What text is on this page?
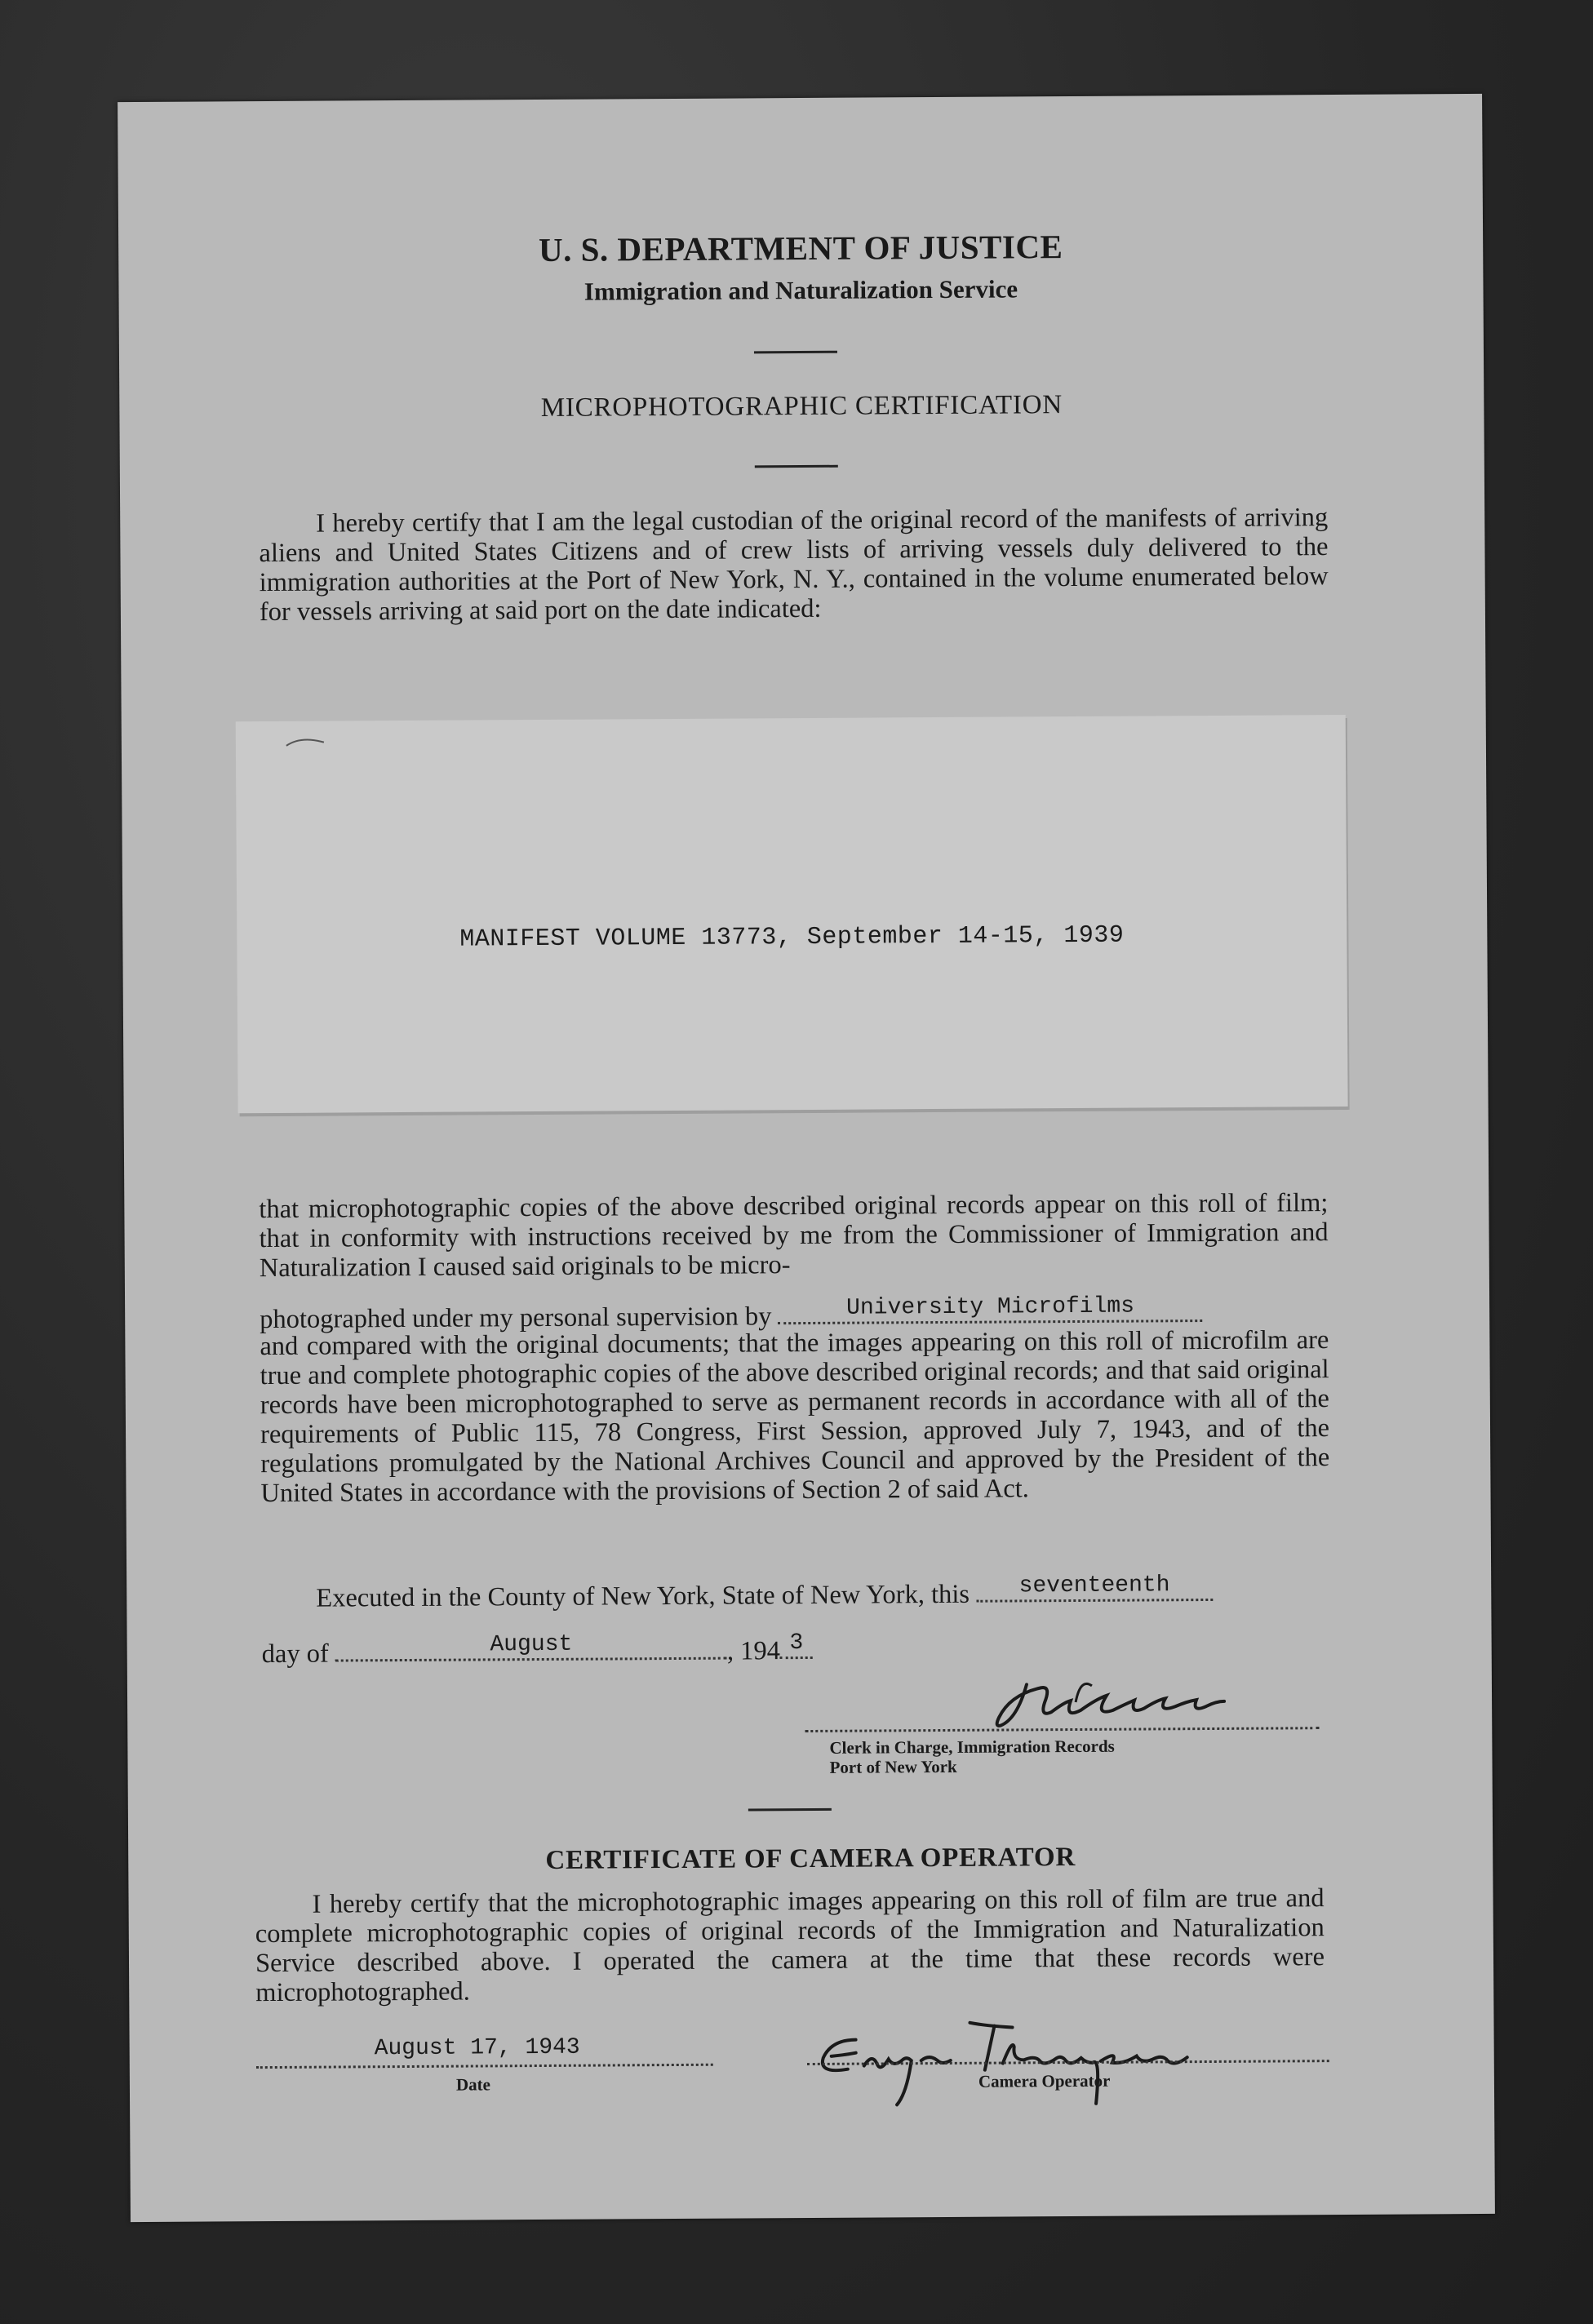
U. S. DEPARTMENT OF JUSTICE
Immigration and Naturalization Service
MICROPHOTOGRAPHIC CERTIFICATION
I hereby certify that I am the legal custodian of the original record of the manifests of arriving aliens and United States Citizens and of crew lists of arriving vessels duly delivered to the immigration authorities at the Port of New York, N. Y., contained in the volume enumerated below for vessels arriving at said port on the date indicated:
MANIFEST VOLUME 13773, September 14-15, 1939
that microphotographic copies of the above described original records appear on this roll of film; that in conformity with instructions received by me from the Commissioner of Immigration and Naturalization I caused said originals to be micro-
photographed under my personal supervision by	University Microfilms
and compared with the original documents; that the images appearing on this roll of microfilm are true and complete photographic copies of the above described original records; and that said original records have been microphotographed to serve as permanent records in accordance with all of the requirements of Public 115, 78 Congress, First Session, approved July 7, 1943, and of the regulations promulgated by the National Archives Council and approved by the President of the United States in accordance with the provisions of Section 2 of said Act.
Executed in the County of New York, State of New York, this	seventeenth
day of	August	, 194 3
Clerk in Charge, Immigration Records
Port of New York
CERTIFICATE OF CAMERA OPERATOR
I hereby certify that the microphotographic images appearing on this roll of film are true and complete microphotographic copies of original records of the Immigration and Naturalization Service described above. I operated the camera at the time that these records were microphotographed.
August 17, 1943
Date	Camera Operator
